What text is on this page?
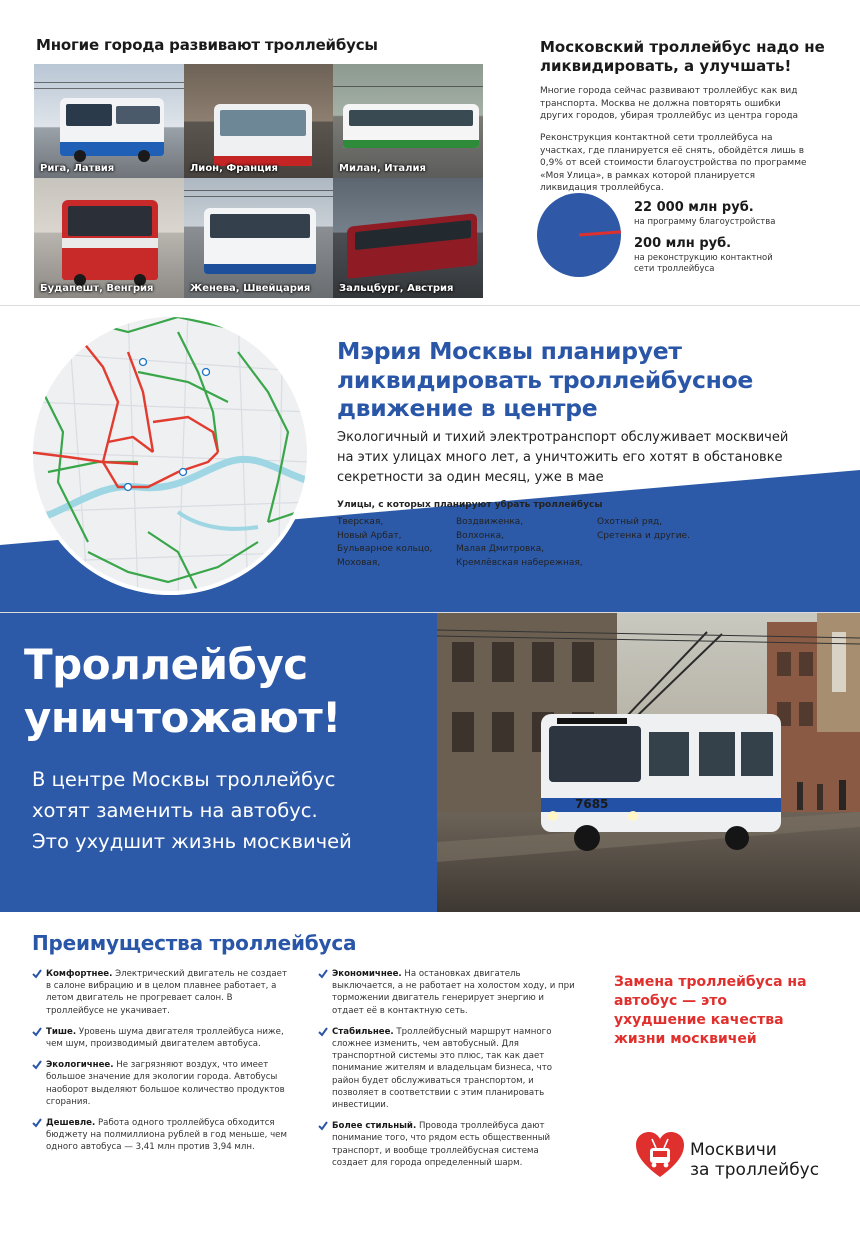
Многие города развивают троллейбусы
Рига, Латвия	Лион, Франция	Милан, Италия
Будапешт, Венгрия	Женева, Швейцария	Зальцбург, Австрия
Московский троллейбус надо не ликвидировать, а улучшать!
Многие города сейчас развивают троллейбус как вид транспорта. Москва не должна повторять ошибки других городов, убирая троллейбус из центра города
Реконструкция контактной сети троллейбуса на участках, где планируется её снять, обойдётся лишь в 0,9% от всей стоимости благоустройства по программе «Моя Улица», в рамках которой планируется ликвидация троллейбуса.
22 000 млн руб.
на программу благоустройства
200 млн руб.
на реконструкцию контактной сети троллейбуса
Мэрия Москвы планирует ликвидировать троллейбусное движение в центре
Экологичный и тихий электротранспорт обслуживает москвичей на этих улицах много лет, а уничтожить его хотят в обстановке секретности за один месяц, уже в мае
Улицы, с которых планируют убрать троллейбусы
Тверская,
Новый Арбат,
Бульварное кольцо,
Моховая,
Воздвиженка,
Волхонка,
Малая Дмитровка,
Кремлёвская набережная,
Охотный ряд,
Сретенка и другие.
Троллейбус
уничтожают!
В центре Москвы троллейбус
хотят заменить на автобус.
Это ухудшит жизнь москвичей
7685
Преимущества троллейбуса
Комфортнее. Электрический двигатель не создает в салоне вибрацию и в целом плавнее работает, а летом двигатель не прогревает салон. В троллейбусе не укачивает.
Тише. Уровень шума двигателя троллейбуса ниже, чем шум, производимый двигателем автобуса.
Экологичнее. Не загрязняют воздух, что имеет большое значение для экологии города. Автобусы наоборот выделяют большое количество продуктов сгорания.
Дешевле. Работа одного троллейбуса обходится бюджету на полмиллиона рублей в год меньше, чем одного автобуса — 3,41 млн против 3,94 млн.
Экономичнее. На остановках двигатель выключается, а не работает на холостом ходу, и при торможении двигатель генерирует энергию и отдает её в контактную сеть.
Стабильнее. Троллейбусный маршрут намного сложнее изменить, чем автобусный. Для транспортной системы это плюс, так как дает понимание жителям и владельцам бизнеса, что район будет обслуживаться транспортом, и позволяет в соответствии с этим планировать инвестиции.
Более стильный. Провода троллейбуса дают понимание того, что рядом есть общественный транспорт, и вообще троллейбусная система создает для города определенный шарм.
Замена троллейбуса на автобус — это ухудшение качества жизни москвичей
Москвичи
за троллейбус
